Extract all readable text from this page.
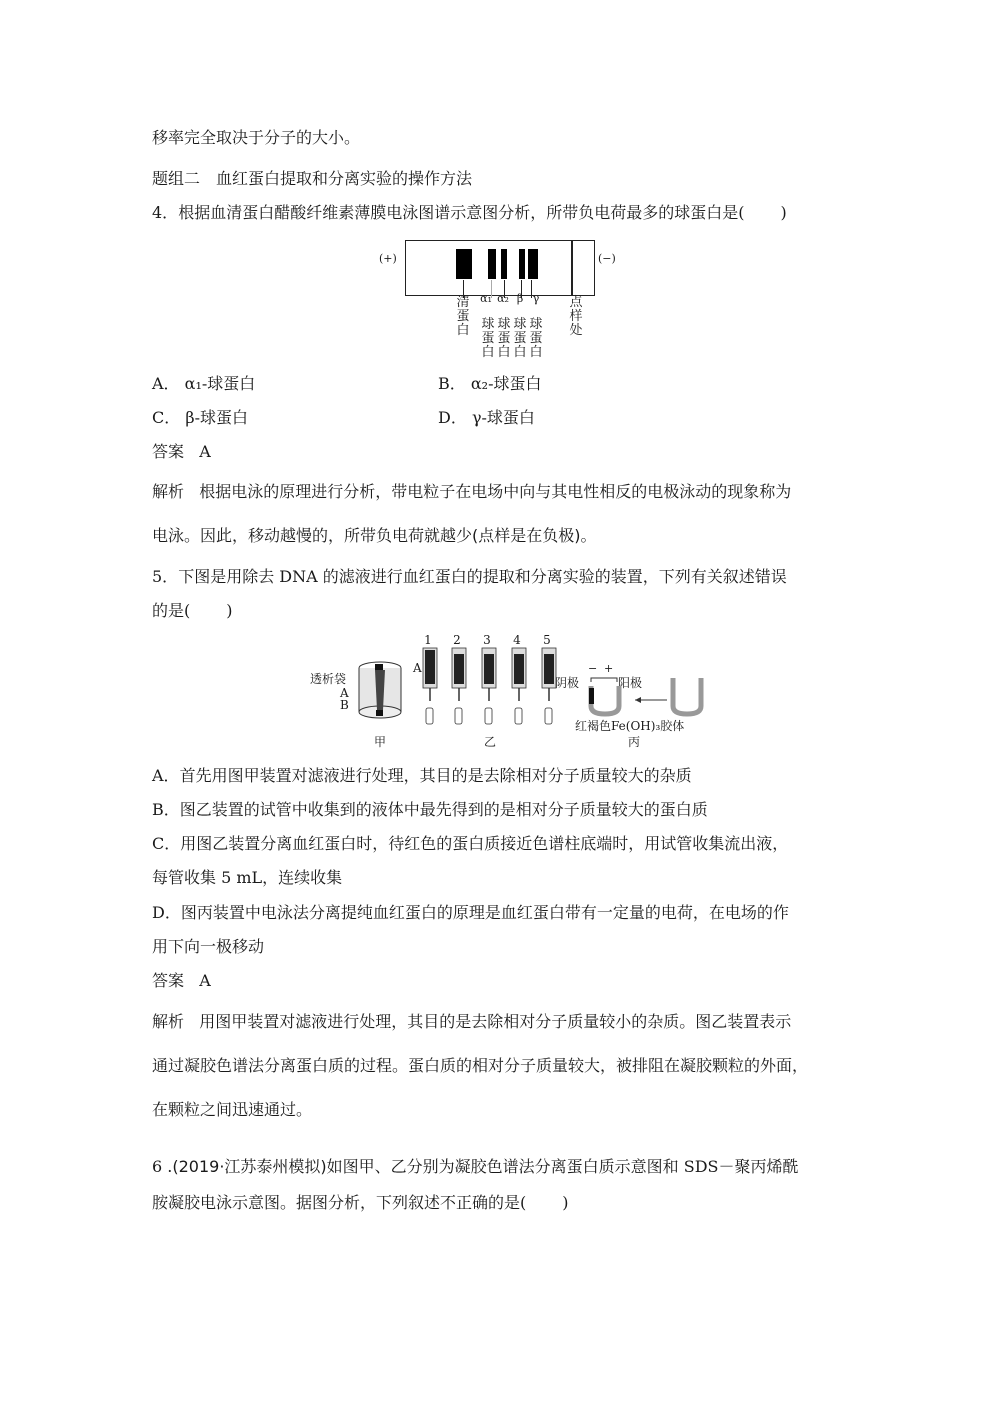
移率完全取决于分子的大小。
题组二　血红蛋白提取和分离实验的操作方法
4．根据血清蛋白醋酸纤维素薄膜电泳图谱示意图分析，所带负电荷最多的球蛋白是( )
(+)	(−)
清蛋白
α₁
球蛋白
α₂
球蛋白
β
球蛋白
γ
球蛋白
点样处
A． α₁-球蛋白	B． α₂-球蛋白
C． β-球蛋白	D． γ-球蛋白
答案 A
解析 根据电泳的原理进行分析，带电粒子在电场中向与其电性相反的电极泳动的现象称为
电泳。因此，移动越慢的，所带负电荷就越少(点样是在负极)。
5．下图是用除去 DNA 的滤液进行血红蛋白的提取和分离实验的装置，下列有关叙述错误
的是( )
透析袋
A
B
甲
A
1 2 3 4 5
乙
阴极	阳极
− +
红褐色Fe(OH)₃胶体
丙
A．首先用图甲装置对滤液进行处理，其目的是去除相对分子质量较大的杂质
B．图乙装置的试管中收集到的液体中最先得到的是相对分子质量较大的蛋白质
C．用图乙装置分离血红蛋白时，待红色的蛋白质接近色谱柱底端时，用试管收集流出液，
每管收集 5 mL，连续收集
D．图丙装置中电泳法分离提纯血红蛋白的原理是血红蛋白带有一定量的电荷，在电场的作
用下向一极移动
答案 A
解析 用图甲装置对滤液进行处理，其目的是去除相对分子质量较小的杂质。图乙装置表示
通过凝胶色谱法分离蛋白质的过程。蛋白质的相对分子质量较大，被排阻在凝胶颗粒的外面，
在颗粒之间迅速通过。
6 .(2019·江苏泰州模拟)如图甲、乙分别为凝胶色谱法分离蛋白质示意图和 SDS－聚丙烯酰
胺凝胶电泳示意图。据图分析，下列叙述不正确的是( )
